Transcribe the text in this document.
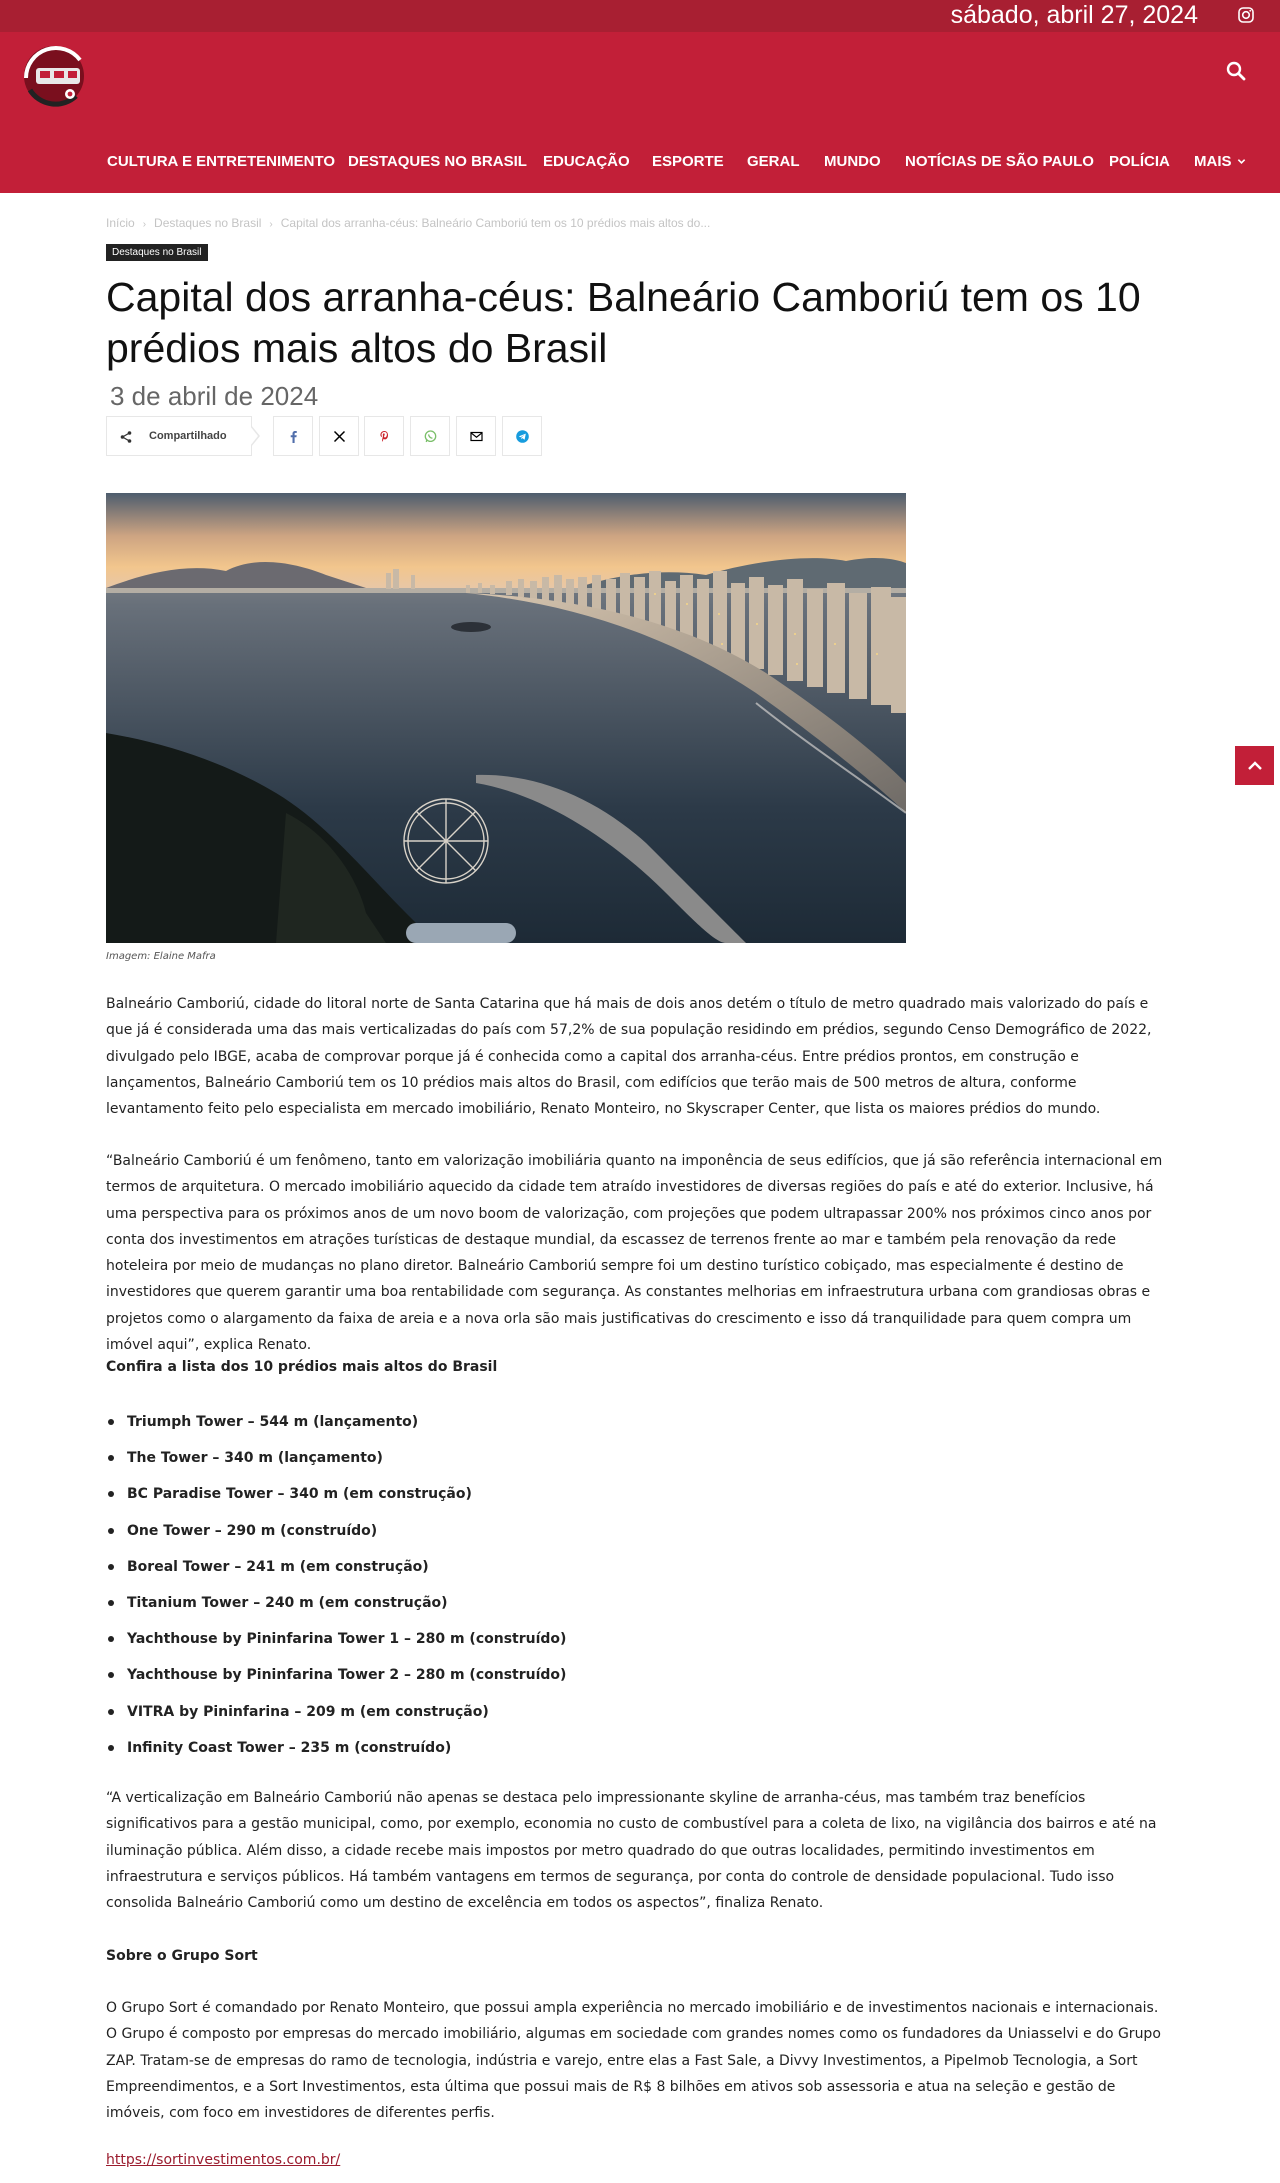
sábado, abril 27, 2024
CULTURA E ENTRETENIMENTO DESTAQUES NO BRASIL EDUCAÇÃO ESPORTE GERAL MUNDO NOTÍCIAS DE SÃO PAULO POLÍCIA MAIS
Início › Destaques no Brasil › Capital dos arranha-céus: Balneário Camboriú tem os 10 prédios mais altos do...
Destaques no Brasil
Capital dos arranha-céus: Balneário Camboriú tem os 10 prédios mais altos do Brasil
3 de abril de 2024
Compartilhado
Imagem: Elaine Mafra

Balneário Camboriú, cidade do litoral norte de Santa Catarina que há mais de dois anos detém o título de metro quadrado mais valorizado do país e que já é considerada uma das mais verticalizadas do país com 57,2% de sua população residindo em prédios, segundo Censo Demográfico de 2022, divulgado pelo IBGE, acaba de comprovar porque já é conhecida como a capital dos arranha-céus. Entre prédios prontos, em construção e lançamentos, Balneário Camboriú tem os 10 prédios mais altos do Brasil, com edifícios que terão mais de 500 metros de altura, conforme levantamento feito pelo especialista em mercado imobiliário, Renato Monteiro, no Skyscraper Center, que lista os maiores prédios do mundo.

“Balneário Camboriú é um fenômeno, tanto em valorização imobiliária quanto na imponência de seus edifícios, que já são referência internacional em termos de arquitetura. O mercado imobiliário aquecido da cidade tem atraído investidores de diversas regiões do país e até do exterior. Inclusive, há uma perspectiva para os próximos anos de um novo boom de valorização, com projeções que podem ultrapassar 200% nos próximos cinco anos por conta dos investimentos em atrações turísticas de destaque mundial, da escassez de terrenos frente ao mar e também pela renovação da rede hoteleira por meio de mudanças no plano diretor. Balneário Camboriú sempre foi um destino turístico cobiçado, mas especialmente é destino de investidores que querem garantir uma boa rentabilidade com segurança. As constantes melhorias em infraestrutura urbana com grandiosas obras e projetos como o alargamento da faixa de areia e a nova orla são mais justificativas do crescimento e isso dá tranquilidade para quem compra um imóvel aqui”, explica Renato.

Confira a lista dos 10 prédios mais altos do Brasil
Triumph Tower – 544 m (lançamento)
The Tower – 340 m (lançamento)
BC Paradise Tower – 340 m (em construção)
One Tower – 290 m (construído)
Boreal Tower – 241 m (em construção)
Titanium Tower – 240 m (em construção)
Yachthouse by Pininfarina Tower 1 – 280 m (construído)
Yachthouse by Pininfarina Tower 2 – 280 m (construído)
VITRA by Pininfarina – 209 m (em construção)
Infinity Coast Tower – 235 m (construído)

“A verticalização em Balneário Camboriú não apenas se destaca pelo impressionante skyline de arranha-céus, mas também traz benefícios significativos para a gestão municipal, como, por exemplo, economia no custo de combustível para a coleta de lixo, na vigilância dos bairros e até na iluminação pública. Além disso, a cidade recebe mais impostos por metro quadrado do que outras localidades, permitindo investimentos em infraestrutura e serviços públicos. Há também vantagens em termos de segurança, por conta do controle de densidade populacional. Tudo isso consolida Balneário Camboriú como um destino de excelência em todos os aspectos”, finaliza Renato.

Sobre o Grupo Sort

O Grupo Sort é comandado por Renato Monteiro, que possui ampla experiência no mercado imobiliário e de investimentos nacionais e internacionais. O Grupo é composto por empresas do mercado imobiliário, algumas em sociedade com grandes nomes como os fundadores da Uniasselvi e do Grupo ZAP. Tratam-se de empresas do ramo de tecnologia, indústria e varejo, entre elas a Fast Sale, a Divvy Investimentos, a PipeImob Tecnologia, a Sort Empreendimentos, e a Sort Investimentos, esta última que possui mais de R$ 8 bilhões em ativos sob assessoria e atua na seleção e gestão de imóveis, com foco em investidores de diferentes perfis.

https://sortinvestimentos.com.br/
